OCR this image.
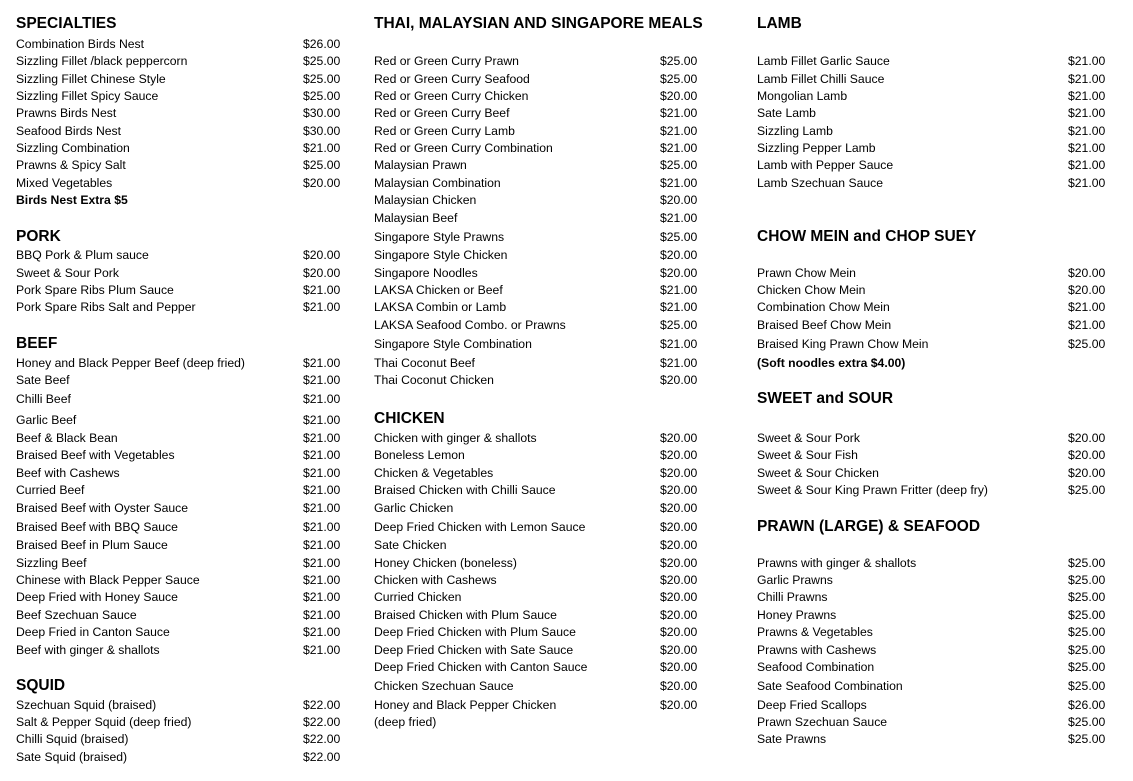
SPECIALTIES
Combination Birds Nest	$26.00
Sizzling Fillet /black peppercorn	$25.00
Sizzling Fillet Chinese Style	$25.00
Sizzling Fillet Spicy Sauce	$25.00
Prawns Birds Nest	$30.00
Seafood Birds Nest	$30.00
Sizzling Combination	$21.00
Prawns & Spicy Salt	$25.00
Mixed Vegetables	$20.00
Birds Nest Extra $5
PORK
BBQ Pork & Plum sauce	$20.00
Sweet & Sour Pork	$20.00
Pork Spare Ribs Plum Sauce	$21.00
Pork Spare Ribs Salt and Pepper	$21.00
BEEF
Honey and Black Pepper Beef (deep fried)	$21.00
Sate Beef	$21.00
Chilli Beef	$21.00
Garlic Beef	$21.00
Beef & Black Bean	$21.00
Braised Beef with Vegetables	$21.00
Beef with Cashews	$21.00
Curried Beef	$21.00
Braised Beef with Oyster Sauce	$21.00
Braised Beef with BBQ Sauce	$21.00
Braised Beef in Plum Sauce	$21.00
Sizzling Beef	$21.00
Chinese with Black Pepper Sauce	$21.00
Deep Fried with Honey Sauce	$21.00
Beef Szechuan Sauce	$21.00
Deep Fried in Canton Sauce	$21.00
Beef with ginger & shallots	$21.00
SQUID
Szechuan Squid (braised)	$22.00
Salt & Pepper Squid (deep fried)	$22.00
Chilli Squid (braised)	$22.00
Sate Squid (braised)	$22.00
THAI, MALAYSIAN AND SINGAPORE MEALS
Red or Green Curry Prawn	$25.00
Red or Green Curry Seafood	$25.00
Red or Green Curry Chicken	$20.00
Red or Green Curry Beef	$21.00
Red or Green Curry Lamb	$21.00
Red or Green Curry Combination	$21.00
Malaysian Prawn	$25.00
Malaysian Combination	$21.00
Malaysian Chicken	$20.00
Malaysian Beef	$21.00
Singapore Style Prawns	$25.00
Singapore Style Chicken	$20.00
Singapore Noodles	$20.00
LAKSA Chicken or Beef	$21.00
LAKSA Combin or Lamb	$21.00
LAKSA Seafood Combo. or Prawns	$25.00
Singapore Style Combination	$21.00
Thai Coconut Beef	$21.00
Thai Coconut Chicken	$20.00
CHICKEN
Chicken with ginger & shallots	$20.00
Boneless Lemon	$20.00
Chicken & Vegetables	$20.00
Braised Chicken with Chilli Sauce	$20.00
Garlic Chicken	$20.00
Deep Fried Chicken with Lemon Sauce	$20.00
Sate Chicken	$20.00
Honey Chicken (boneless)	$20.00
Chicken with Cashews	$20.00
Curried Chicken	$20.00
Braised Chicken with Plum Sauce	$20.00
Deep Fried Chicken with Plum Sauce	$20.00
Deep Fried Chicken with Sate Sauce	$20.00
Deep Fried Chicken with Canton Sauce	$20.00
Chicken Szechuan Sauce	$20.00
Honey and Black Pepper Chicken	$20.00
(deep fried)
LAMB
Lamb Fillet Garlic Sauce	$21.00
Lamb Fillet Chilli Sauce	$21.00
Mongolian Lamb	$21.00
Sate Lamb	$21.00
Sizzling Lamb	$21.00
Sizzling Pepper Lamb	$21.00
Lamb with Pepper Sauce	$21.00
Lamb Szechuan Sauce	$21.00
CHOW MEIN and CHOP SUEY
Prawn Chow Mein	$20.00
Chicken Chow Mein	$20.00
Combination Chow Mein	$21.00
Braised Beef Chow Mein	$21.00
Braised King Prawn Chow Mein	$25.00
(Soft noodles extra $4.00)
SWEET and SOUR
Sweet & Sour Pork	$20.00
Sweet & Sour Fish	$20.00
Sweet & Sour Chicken	$20.00
Sweet & Sour King Prawn Fritter (deep fry)	$25.00
PRAWN (LARGE) & SEAFOOD
Prawns with ginger & shallots	$25.00
Garlic Prawns	$25.00
Chilli Prawns	$25.00
Honey Prawns	$25.00
Prawns & Vegetables	$25.00
Prawns with Cashews	$25.00
Seafood Combination	$25.00
Sate Seafood Combination	$25.00
Deep Fried Scallops	$26.00
Prawn Szechuan Sauce	$25.00
Sate Prawns	$25.00
